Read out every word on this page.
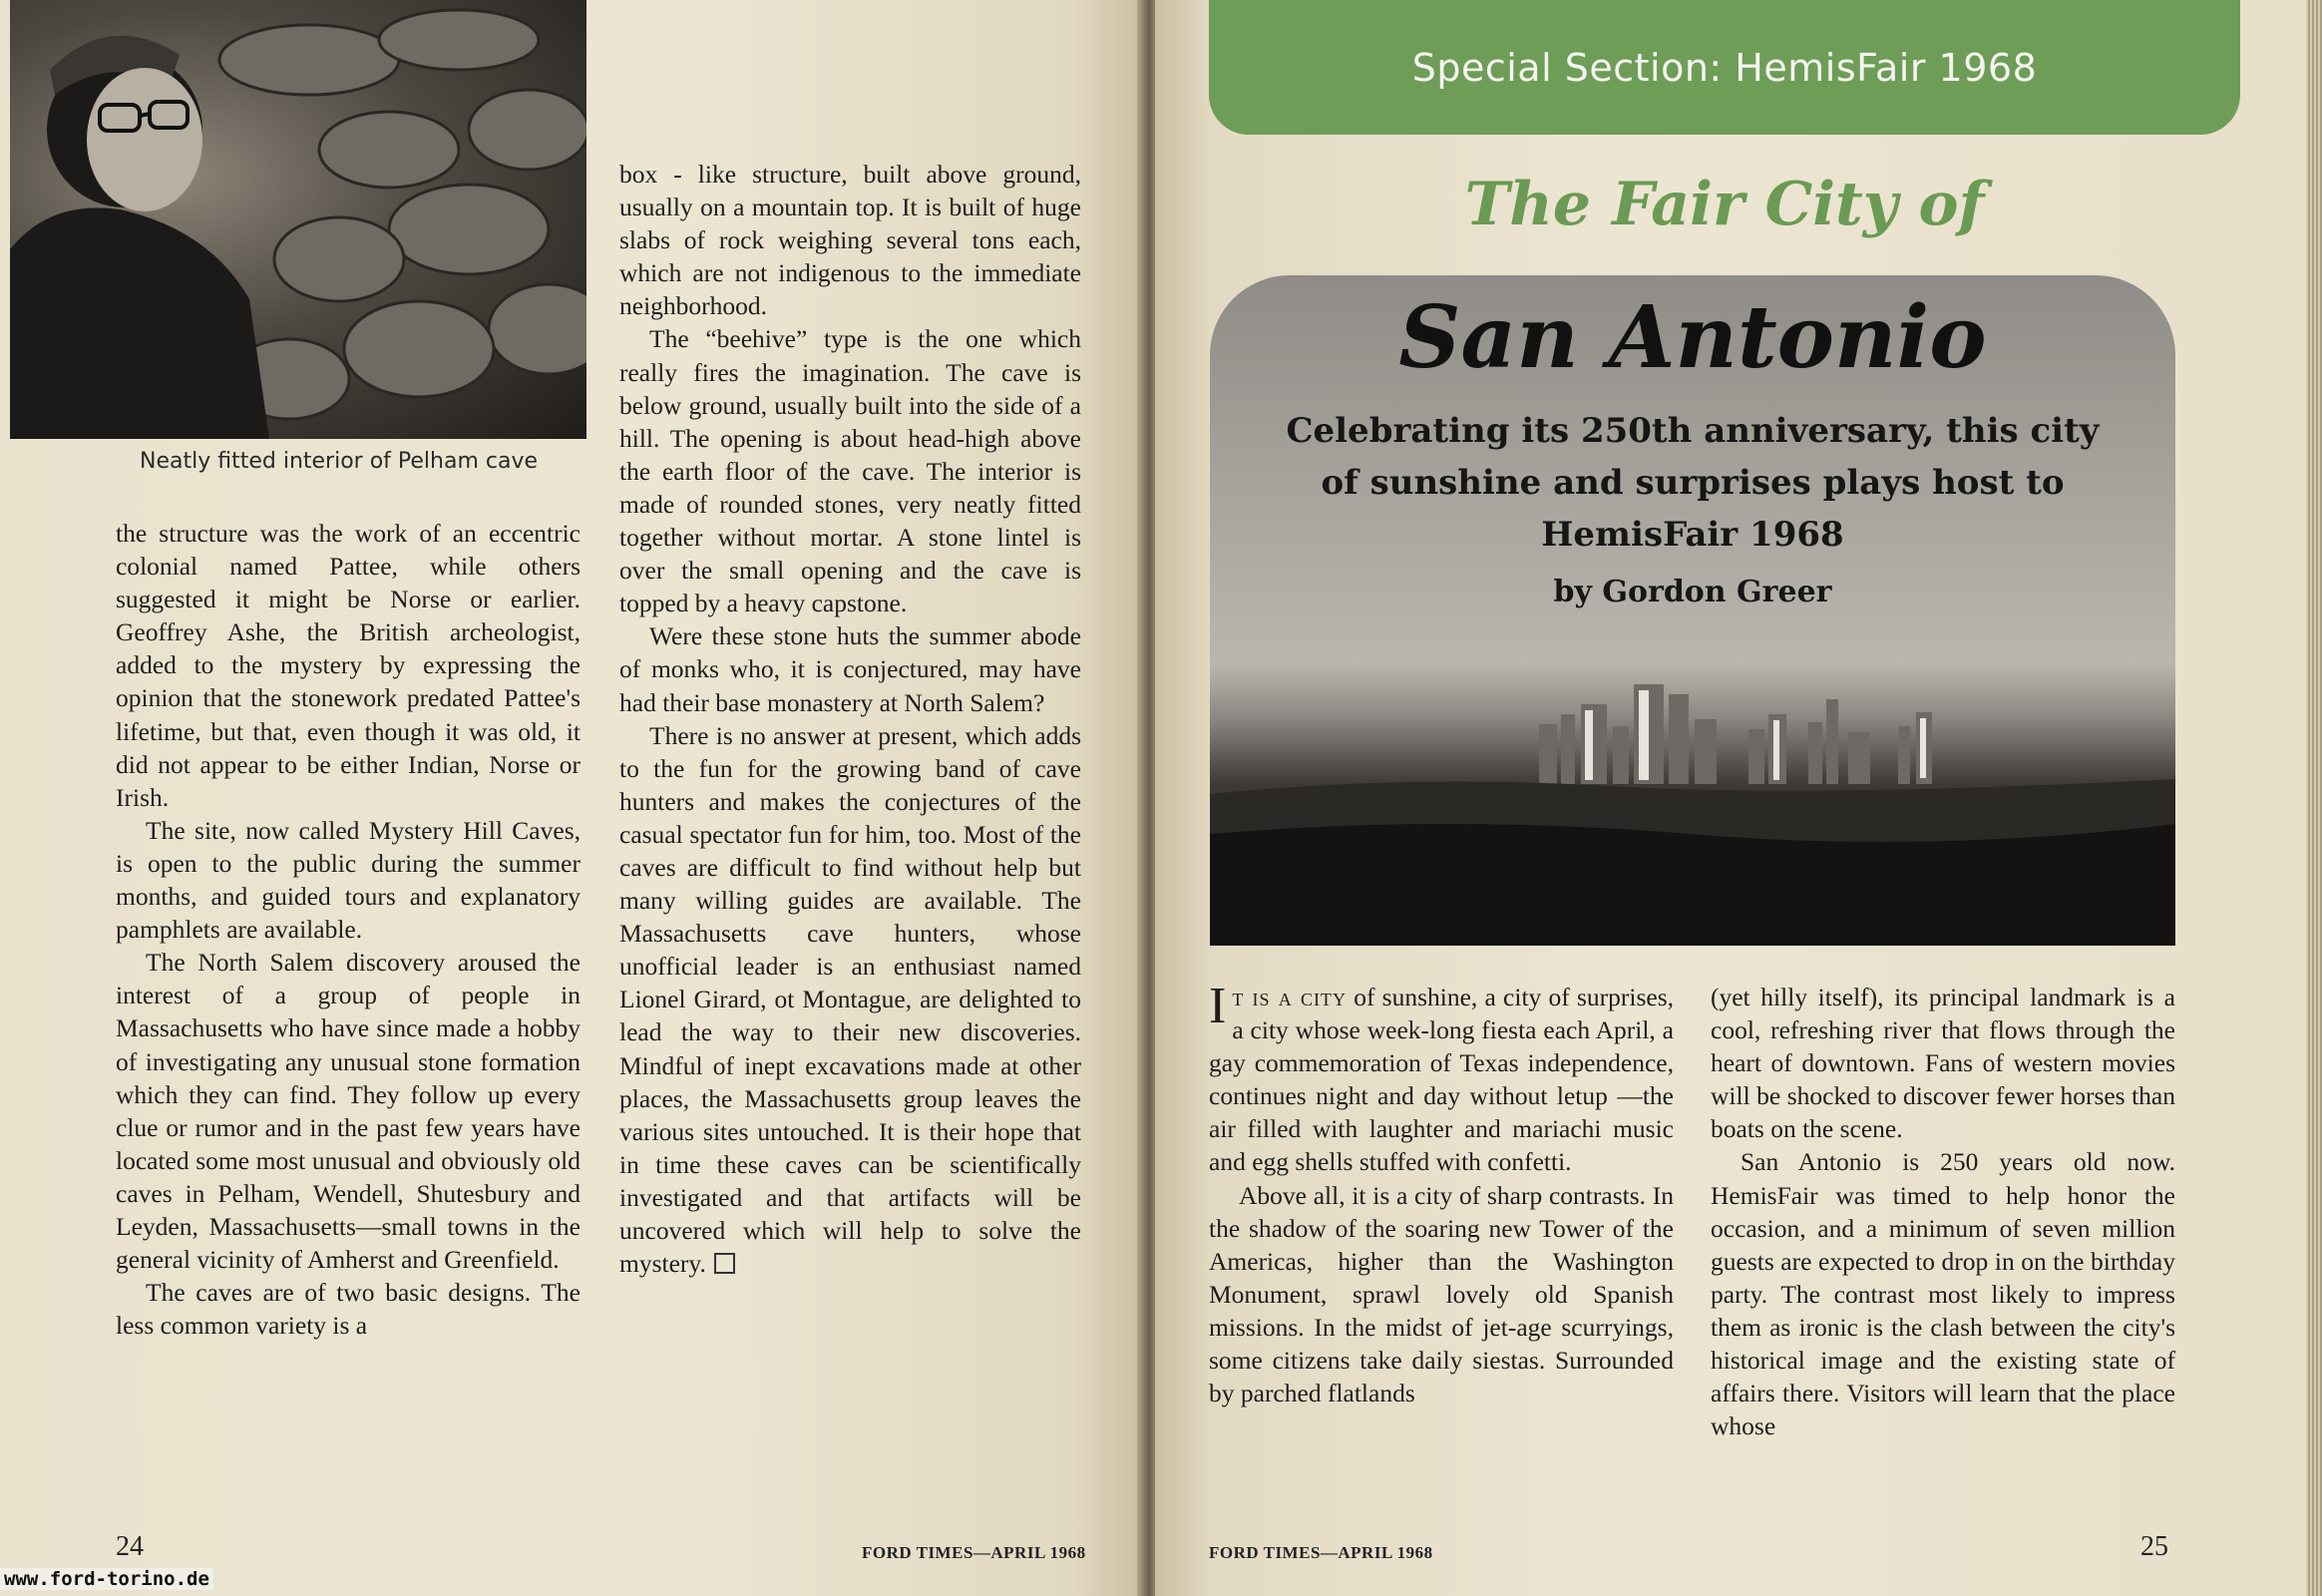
Neatly fitted interior of Pelham cave

the structure was the work of an eccentric colonial named Pattee, while others suggested it might be Norse or earlier. Geoffrey Ashe, the British archeologist, added to the mystery by expressing the opinion that the stonework predated Pattee's lifetime, but that, even though it was old, it did not appear to be either Indian, Norse or Irish.

The site, now called Mystery Hill Caves, is open to the public during the summer months, and guided tours and explanatory pamphlets are available.

The North Salem discovery aroused the interest of a group of people in Massachusetts who have since made a hobby of investigating any unusual stone formation which they can find. They follow up every clue or rumor and in the past few years have located some most unusual and obviously old caves in Pelham, Wendell, Shutesbury and Leyden, Massachusetts—small towns in the general vicinity of Amherst and Greenfield.

The caves are of two basic designs. The less common variety is a

box - like structure, built above ground, usually on a mountain top. It is built of huge slabs of rock weighing several tons each, which are not indigenous to the immediate neighborhood.

The “beehive” type is the one which really fires the imagination. The cave is below ground, usually built into the side of a hill. The opening is about head-high above the earth floor of the cave. The interior is made of rounded stones, very neatly fitted together without mortar. A stone lintel is over the small opening and the cave is topped by a heavy capstone.

Were these stone huts the summer abode of monks who, it is conjectured, may have had their base monastery at North Salem?

There is no answer at present, which adds to the fun for the growing band of cave hunters and makes the conjectures of the casual spectator fun for him, too. Most of the caves are difficult to find without help but many willing guides are available. The Massachusetts cave hunters, whose unofficial leader is an enthusiast named Lionel Girard, ot Montague, are delighted to lead the way to their new discoveries. Mindful of inept excavations made at other places, the Massachusetts group leaves the various sites untouched. It is their hope that in time these caves can be scientifically investigated and that artifacts will be uncovered which will help to solve the mystery.

24	FORD TIMES—APRIL 1968
www.ford-torino.de
Special Section: HemisFair 1968
The Fair City of
San Antonio
Celebrating its 250th anniversary, this city of sunshine and surprises plays host to HemisFair 1968
by Gordon Greer

It is a city of sunshine, a city of surprises, a city whose week-long fiesta each April, a gay commemoration of Texas independence, continues night and day without letup —the air filled with laughter and mariachi music and egg shells stuffed with confetti.

Above all, it is a city of sharp contrasts. In the shadow of the soaring new Tower of the Americas, higher than the Washington Monument, sprawl lovely old Spanish missions. In the midst of jet-age scurryings, some citizens take daily siestas. Surrounded by parched flatlands

(yet hilly itself), its principal landmark is a cool, refreshing river that flows through the heart of downtown. Fans of western movies will be shocked to discover fewer horses than boats on the scene.

San Antonio is 250 years old now. HemisFair was timed to help honor the occasion, and a minimum of seven million guests are expected to drop in on the birthday party. The contrast most likely to impress them as ironic is the clash between the city's historical image and the existing state of affairs there. Visitors will learn that the place whose

FORD TIMES—APRIL 1968	25
